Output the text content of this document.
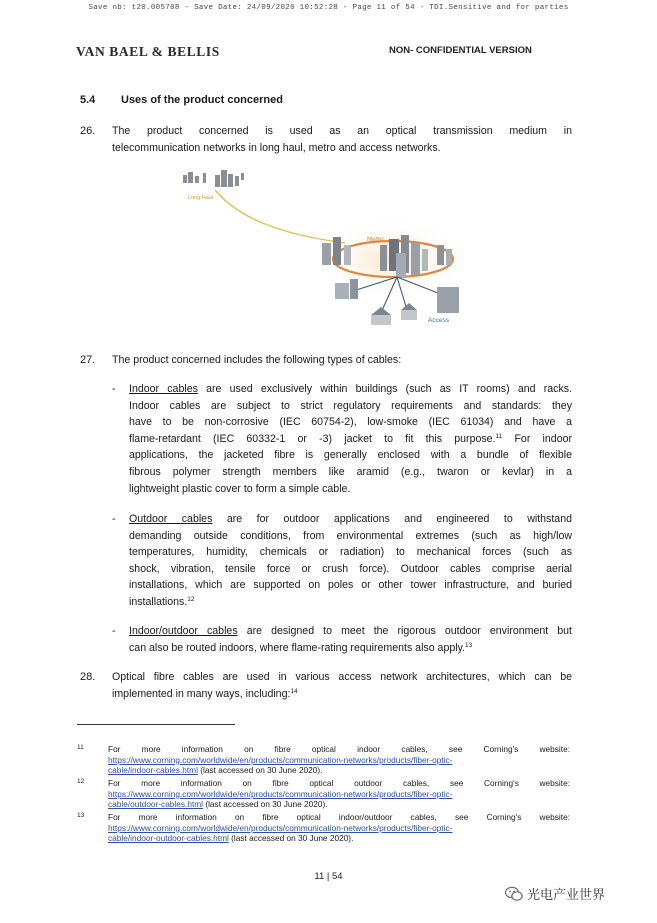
Save nb: t20.005708 - Save Date: 24/09/2020 10:52:28 - Page 11 of 54 - TDI.Sensitive and for parties
VAN BAEL & BELLIS	NON- CONFIDENTIAL VERSION
5.4 Uses of the product concerned
26. The product concerned is used as an optical transmission medium in
telecommunication networks in long haul, metro and access networks.
Long Haul
Metro
Access
27. The product concerned includes the following types of cables:
- Indoor cables are used exclusively within buildings (such as IT rooms) and racks.
Indoor cables are subject to strict regulatory requirements and standards: they
have to be non-corrosive (IEC 60754-2), low-smoke (IEC 61034) and have a
flame-retardant (IEC 60332-1 or -3) jacket to fit this purpose.$^{11}$ For indoor
applications, the jacketed fibre is generally enclosed with a bundle of flexible
fibrous polymer strength members like aramid (e.g., twaron or kevlar) in a
lightweight plastic cover to form a simple cable.
- Outdoor cables are for outdoor applications and engineered to withstand
demanding outside conditions, from environmental extremes (such as high/low
temperatures, humidity, chemicals or radiation) to mechanical forces (such as
shock, vibration, tensile force or crush force). Outdoor cables comprise aerial
installations, which are supported on poles or other tower infrastructure, and buried
installations.$^{12}$
- Indoor/outdoor cables are designed to meet the rigorous outdoor environment but
can also be routed indoors, where flame-rating requirements also apply.$^{13}$
28. Optical fibre cables are used in various access network architectures, which can be
implemented in many ways, including:$^{14}$
11	For more information on fibre optical indoor cables, see Corning's website:
https://www.corning.com/worldwide/en/products/communication-networks/products/fiber-optic-
cable/indoor-cables.html (last accessed on 30 June 2020).
12	For more information on fibre optical outdoor cables, see Corning's website:
https://www.corning.com/worldwide/en/products/communication-networks/products/fiber-optic-
cable/outdoor-cables.html (last accessed on 30 June 2020).
13	For more information on fibre optical indoor/outdoor cables, see Corning's website:
https://www.corning.com/worldwide/en/products/communication-networks/products/fiber-optic-
cable/indoor-outdoor-cables.html (last accessed on 30 June 2020).
11 | 54
光电产业世界
